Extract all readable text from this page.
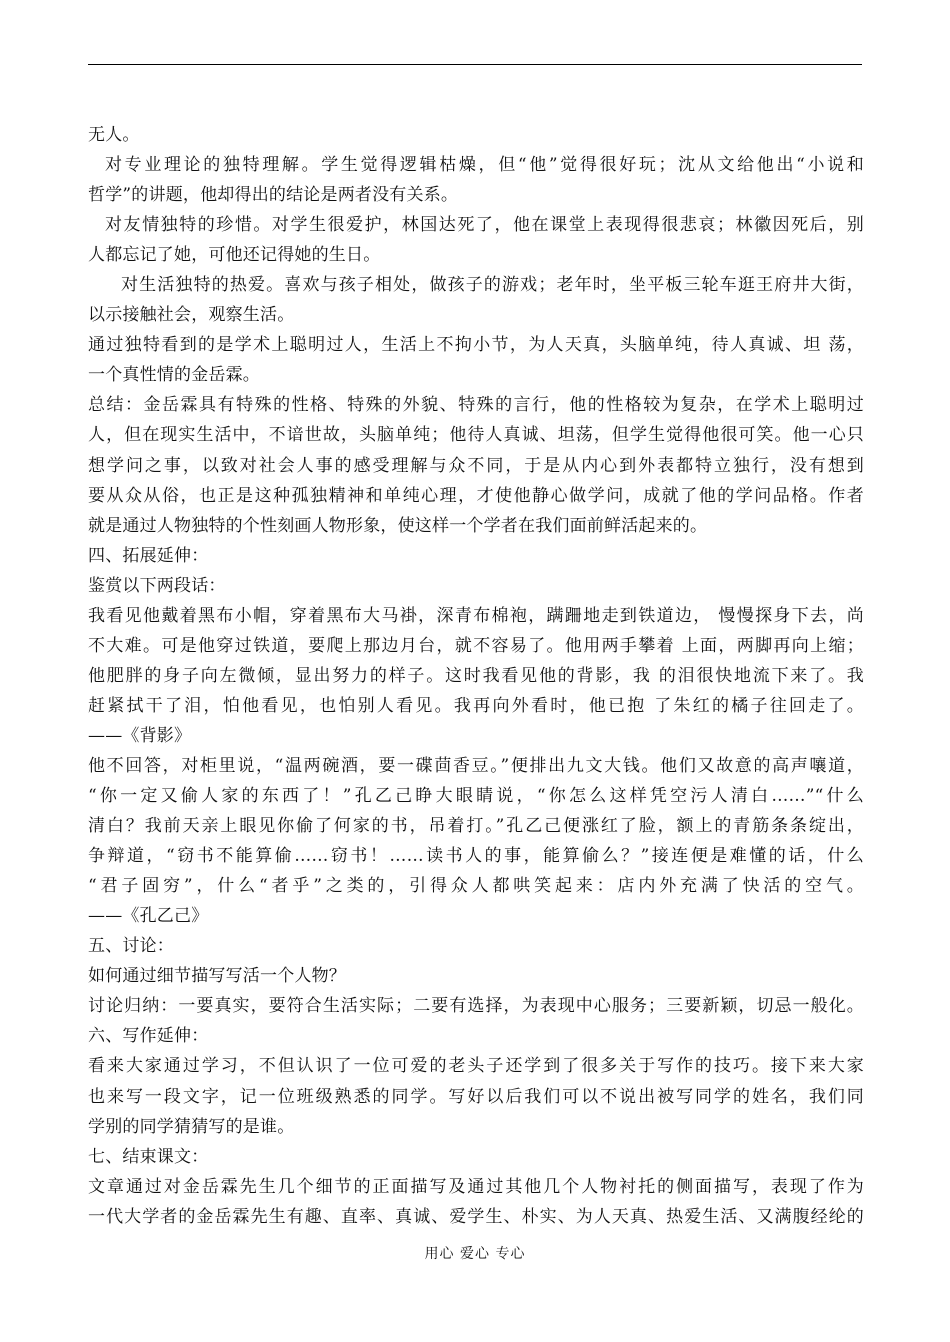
无人。
对专业理论的独特理解。学生觉得逻辑枯燥，但“他”觉得很好玩；沈从文给他出“小说和
哲学”的讲题，他却得出的结论是两者没有关系。
对友情独特的珍惜。对学生很爱护，林国达死了，他在课堂上表现得很悲哀；林徽因死后，别
人都忘记了她，可他还记得她的生日。
对生活独特的热爱。喜欢与孩子相处，做孩子的游戏；老年时，坐平板三轮车逛王府井大街，
以示接触社会，观察生活。
通过独特看到的是学术上聪明过人，生活上不拘小节，为人天真，头脑单纯，待人真诚、坦 荡，
一个真性情的金岳霖。
总结：金岳霖具有特殊的性格、特殊的外貌、特殊的言行，他的性格较为复杂，在学术上聪明过
人，但在现实生活中，不谙世故，头脑单纯；他待人真诚、坦荡，但学生觉得他很可笑。他一心只
想学问之事，以致对社会人事的感受理解与众不同，于是从内心到外表都特立独行，没有想到
要从众从俗，也正是这种孤独精神和单纯心理，才使他静心做学问，成就了他的学问品格。作者
就是通过人物独特的个性刻画人物形象，使这样一个学者在我们面前鲜活起来的。
四、拓展延伸：
鉴赏以下两段话：
我看见他戴着黑布小帽，穿着黑布大马褂，深青布棉袍，蹒跚地走到铁道边， 慢慢探身下去，尚
不大难。可是他穿过铁道，要爬上那边月台，就不容易了。他用两手攀着 上面，两脚再向上缩；
他肥胖的身子向左微倾，显出努力的样子。这时我看见他的背影，我 的泪很快地流下来了。我
赶紧拭干了泪，怕他看见，也怕别人看见。我再向外看时，他已抱 了朱红的橘子往回走了。
——《背影》
他不回答，对柜里说，“温两碗酒，要一碟茴香豆。”便排出九文大钱。他们又故意的高声嚷道，
“你一定又偷人家的东西了！”孔乙己睁大眼睛说，“你怎么这样凭空污人清白……”“什么
清白？我前天亲上眼见你偷了何家的书，吊着打。”孔乙己便涨红了脸，额上的青筋条条绽出，
争辩道，“窃书不能算偷……窃书！……读书人的事，能算偷么？”接连便是难懂的话，什么
“君子固穷”，什么“者乎”之类的，引得众人都哄笑起来：店内外充满了快活的空气。
——《孔乙己》
五、讨论：
如何通过细节描写写活一个人物？
讨论归纳：一要真实，要符合生活实际；二要有选择，为表现中心服务；三要新颖，切忌一般化。
六、写作延伸：
看来大家通过学习，不但认识了一位可爱的老头子还学到了很多关于写作的技巧。接下来大家
也来写一段文字，记一位班级熟悉的同学。写好以后我们可以不说出被写同学的姓名，我们同
学别的同学猜猜写的是谁。
七、结束课文：
文章通过对金岳霖先生几个细节的正面描写及通过其他几个人物衬托的侧面描写，表现了作为
一代大学者的金岳霖先生有趣、直率、真诚、爱学生、朴实、为人天真、热爱生活、又满腹经纶的
用心 爱心 专心
